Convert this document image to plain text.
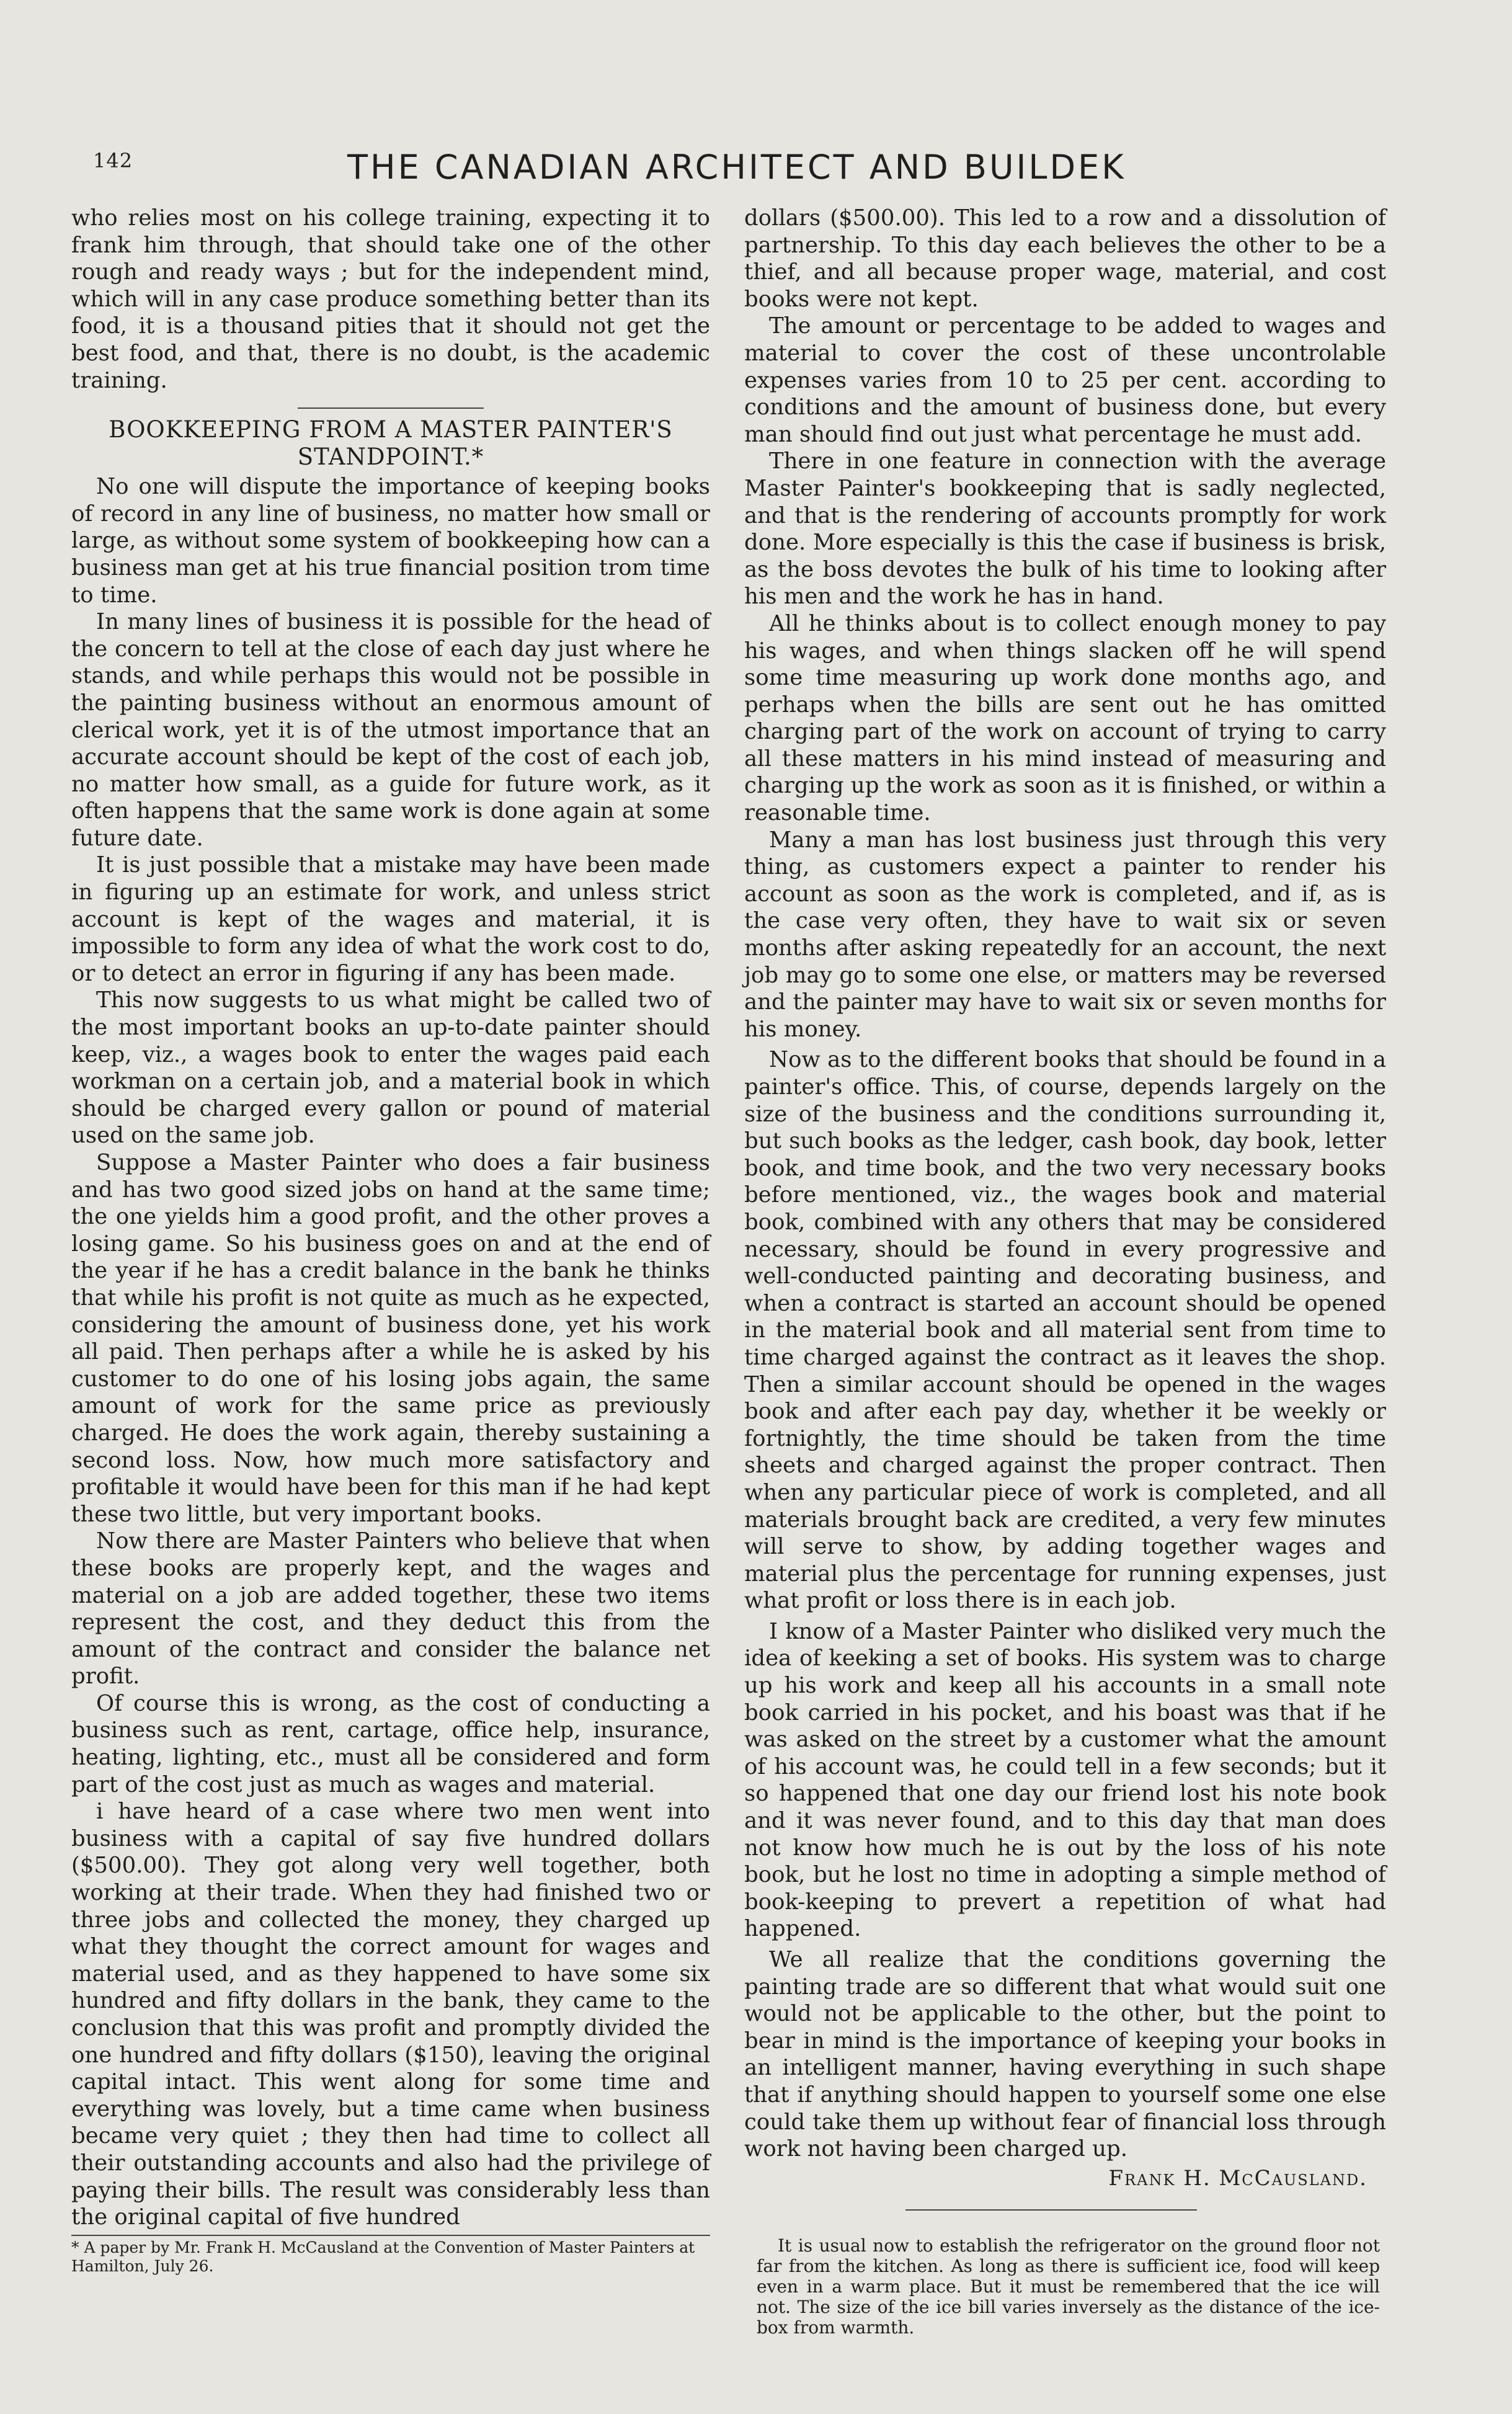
142	THE CANADIAN ARCHITECT AND BUILDEK

who relies most on his college training, expecting it to frank him through, that should take one of the other rough and ready ways ; but for the independent mind, which will in any case produce something better than its food, it is a thousand pities that it should not get the best food, and that, there is no doubt, is the academic training.

BOOKKEEPING FROM A MASTER PAINTER'S STANDPOINT.*

No one will dispute the importance of keeping books of record in any line of business, no matter how small or large, as without some system of bookkeeping how can a business man get at his true financial position trom time to time.

In many lines of business it is possible for the head of the concern to tell at the close of each day just where he stands, and while perhaps this would not be possible in the painting business without an enormous amount of clerical work, yet it is of the utmost importance that an accurate account should be kept of the cost of each job, no matter how small, as a guide for future work, as it often happens that the same work is done again at some future date.

It is just possible that a mistake may have been made in figuring up an estimate for work, and unless strict account is kept of the wages and material, it is impossible to form any idea of what the work cost to do, or to detect an error in figuring if any has been made.

This now suggests to us what might be called two of the most important books an up-to-date painter should keep, viz., a wages book to enter the wages paid each workman on a certain job, and a material book in which should be charged every gallon or pound of material used on the same job.

Suppose a Master Painter who does a fair business and has two good sized jobs on hand at the same time; the one yields him a good profit, and the other proves a losing game. So his business goes on and at the end of the year if he has a credit balance in the bank he thinks that while his profit is not quite as much as he expected, considering the amount of business done, yet his work all paid. Then perhaps after a while he is asked by his customer to do one of his losing jobs again, the same amount of work for the same price as previously charged. He does the work again, thereby sustaining a second loss. Now, how much more satisfactory and profitable it would have been for this man if he had kept these two little, but very important books.

Now there are Master Painters who believe that when these books are properly kept, and the wages and material on a job are added together, these two items represent the cost, and they deduct this from the amount of the contract and consider the balance net profit.

Of course this is wrong, as the cost of conducting a business such as rent, cartage, office help, insurance, heating, lighting, etc., must all be considered and form part of the cost just as much as wages and material.

i have heard of a case where two men went into business with a capital of say five hundred dollars ($500.00). They got along very well together, both working at their trade. When they had finished two or three jobs and collected the money, they charged up what they thought the correct amount for wages and material used, and as they happened to have some six hundred and fifty dollars in the bank, they came to the conclusion that this was profit and promptly divided the one hundred and fifty dollars ($150), leaving the original capital intact. This went along for some time and everything was lovely, but a time came when business became very quiet ; they then had time to collect all their outstanding accounts and also had the privilege of paying their bills. The result was considerably less than the original capital of five hundred

* A paper by Mr. Frank H. McCausland at the Convention of Master Painters at Hamilton, July 26.

dollars ($500.00). This led to a row and a dissolution of partnership. To this day each believes the other to be a thief, and all because proper wage, material, and cost books were not kept.

The amount or percentage to be added to wages and material to cover the cost of these uncontrolable expenses varies from 10 to 25 per cent. according to conditions and the amount of business done, but every man should find out just what percentage he must add.

There in one feature in connection with the average Master Painter's bookkeeping that is sadly neglected, and that is the rendering of accounts promptly for work done. More especially is this the case if business is brisk, as the boss devotes the bulk of his time to looking after his men and the work he has in hand.

All he thinks about is to collect enough money to pay his wages, and when things slacken off he will spend some time measuring up work done months ago, and perhaps when the bills are sent out he has omitted charging part of the work on account of trying to carry all these matters in his mind instead of measuring and charging up the work as soon as it is finished, or within a reasonable time.

Many a man has lost business just through this very thing, as customers expect a painter to render his account as soon as the work is completed, and if, as is the case very often, they have to wait six or seven months after asking repeatedly for an account, the next job may go to some one else, or matters may be reversed and the painter may have to wait six or seven months for his money.

Now as to the different books that should be found in a painter's office. This, of course, depends largely on the size of the business and the conditions surrounding it, but such books as the ledger, cash book, day book, letter book, and time book, and the two very necessary books before mentioned, viz., the wages book and material book, combined with any others that may be considered necessary, should be found in every progressive and well-conducted painting and decorating business, and when a contract is started an account should be opened in the material book and all material sent from time to time charged against the contract as it leaves the shop. Then a similar account should be opened in the wages book and after each pay day, whether it be weekly or fortnightly, the time should be taken from the time sheets and charged against the proper contract. Then when any particular piece of work is completed, and all materials brought back are credited, a very few minutes will serve to show, by adding together wages and material plus the percentage for running expenses, just what profit or loss there is in each job.

I know of a Master Painter who disliked very much the idea of keeking a set of books. His system was to charge up his work and keep all his accounts in a small note book carried in his pocket, and his boast was that if he was asked on the street by a customer what the amount of his account was, he could tell in a few seconds; but it so happened that one day our friend lost his note book and it was never found, and to this day that man does not know how much he is out by the loss of his note book, but he lost no time in adopting a simple method of book-keeping to prevert a repetition of what had happened.

We all realize that the conditions governing the painting trade are so different that what would suit one would not be applicable to the other, but the point to bear in mind is the importance of keeping your books in an intelligent manner, having everything in such shape that if anything should happen to yourself some one else could take them up without fear of financial loss through work not having been charged up.

Frank H. McCausland.
It is usual now to establish the refrigerator on the ground floor not far from the kitchen. As long as there is sufficient ice, food will keep even in a warm place. But it must be remembered that the ice will not. The size of the ice bill varies inversely as the distance of the ice-box from warmth.
